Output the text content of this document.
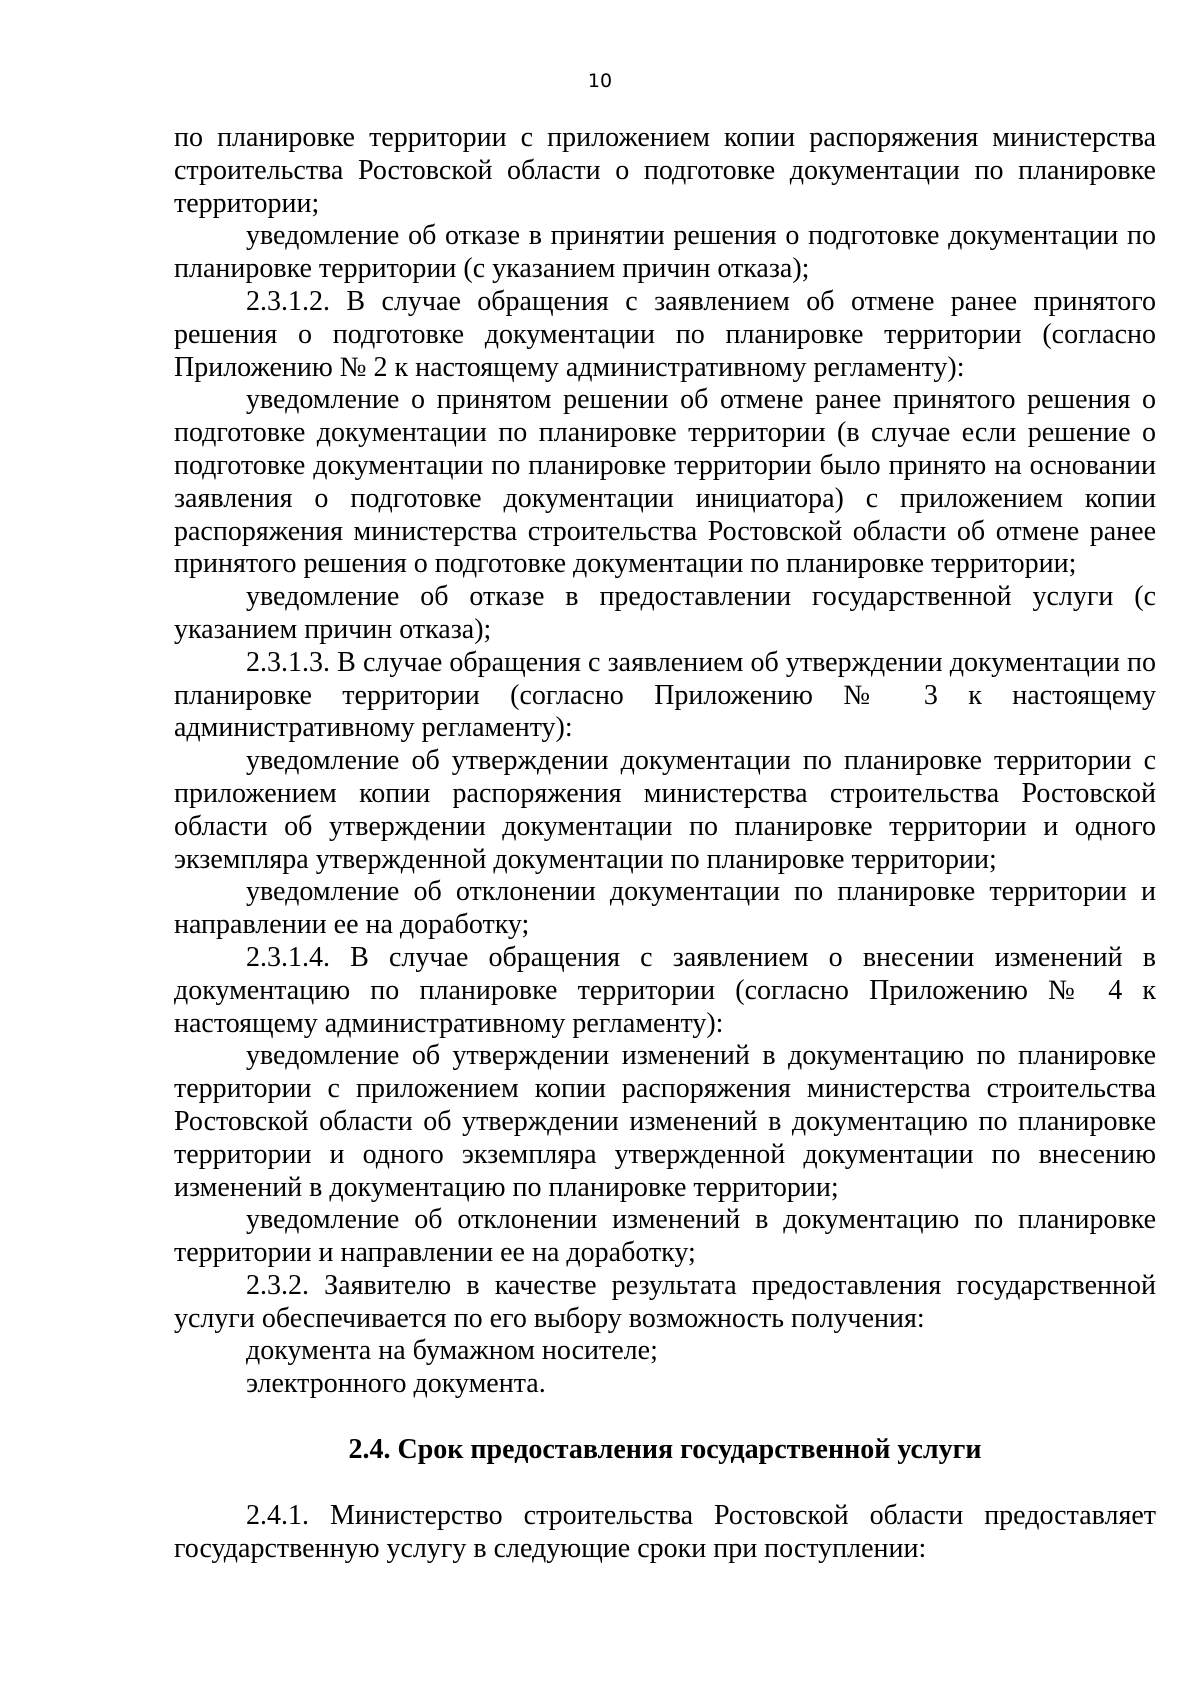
10

по планировке территории с приложением копии распоряжения министерства строительства Ростовской области о подготовке документации по планировке территории;

уведомление об отказе в принятии решения о подготовке документации по планировке территории (с указанием причин отказа);

2.3.1.2. В случае обращения с заявлением об отмене ранее принятого решения о подготовке документации по планировке территории (согласно Приложению № 2 к настоящему административному регламенту):

уведомление о принятом решении об отмене ранее принятого решения о подготовке документации по планировке территории (в случае если решение о подготовке документации по планировке территории было принято на основании заявления о подготовке документации инициатора) с приложением копии распоряжения министерства строительства Ростовской области об отмене ранее принятого решения о подготовке документации по планировке территории;

уведомление об отказе в предоставлении государственной услуги (с указанием причин отказа);

2.3.1.3. В случае обращения с заявлением об утверждении документации по планировке территории (согласно Приложению № 3 к настоящему административному регламенту):

уведомление об утверждении документации по планировке территории с приложением копии распоряжения министерства строительства Ростовской области об утверждении документации по планировке территории и одного экземпляра утвержденной документации по планировке территории;

уведомление об отклонении документации по планировке территории и направлении ее на доработку;

2.3.1.4. В случае обращения с заявлением о внесении изменений в документацию по планировке территории (согласно Приложению № 4 к настоящему административному регламенту):

уведомление об утверждении изменений в документацию по планировке территории с приложением копии распоряжения министерства строительства Ростовской области об утверждении изменений в документацию по планировке территории и одного экземпляра утвержденной документации по внесению изменений в документацию по планировке территории;

уведомление об отклонении изменений в документацию по планировке территории и направлении ее на доработку;

2.3.2. Заявителю в качестве результата предоставления государственной услуги обеспечивается по его выбору возможность получения:

документа на бумажном носителе;

электронного документа.

2.4. Срок предоставления государственной услуги

2.4.1. Министерство строительства Ростовской области предоставляет государственную услугу в следующие сроки при поступлении:
